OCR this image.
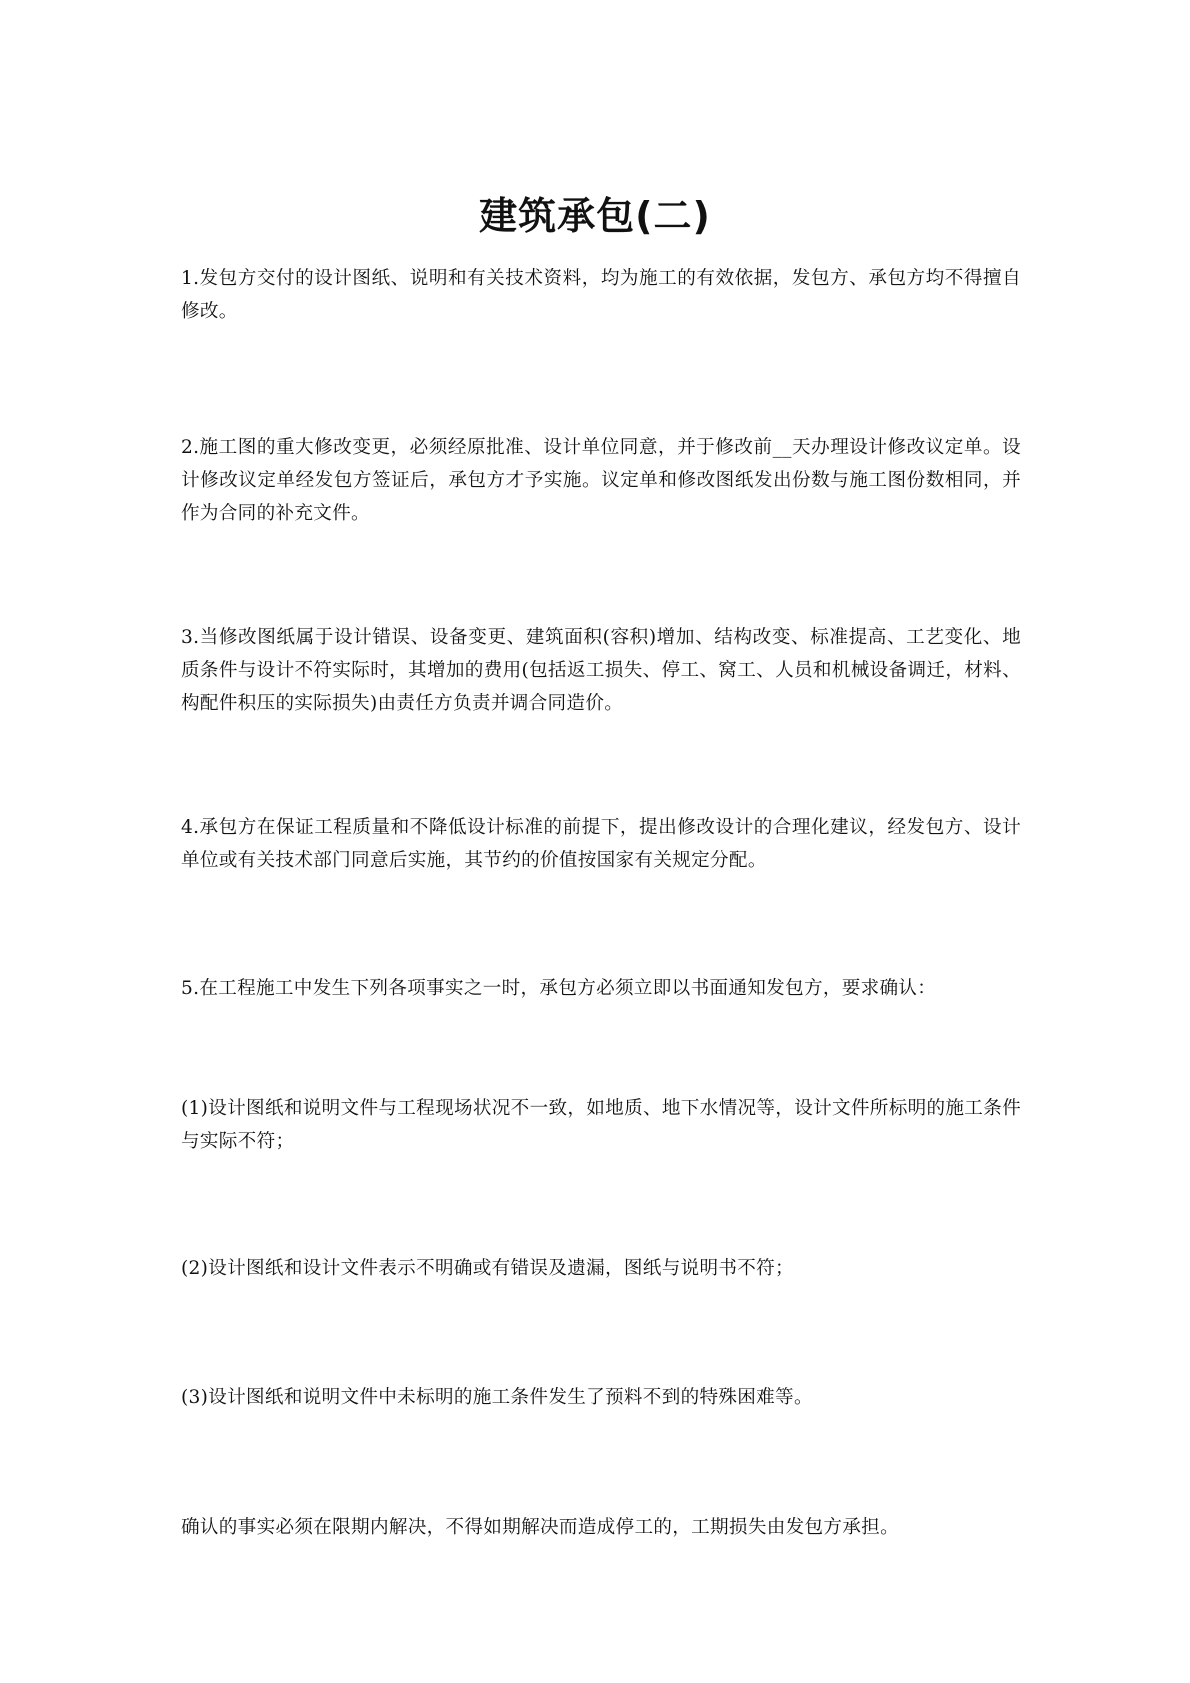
建筑承包(二)

1.发包方交付的设计图纸、说明和有关技术资料，均为施工的有效依据，发包方、承包方均不得擅自修改。

2.施工图的重大修改变更，必须经原批准、设计单位同意，并于修改前__天办理设计修改议定单。设计修改议定单经发包方签证后，承包方才予实施。议定单和修改图纸发出份数与施工图份数相同，并作为合同的补充文件。

3.当修改图纸属于设计错误、设备变更、建筑面积(容积)增加、结构改变、标准提高、工艺变化、地质条件与设计不符实际时，其增加的费用(包括返工损失、停工、窝工、人员和机械设备调迁，材料、构配件积压的实际损失)由责任方负责并调合同造价。

4.承包方在保证工程质量和不降低设计标准的前提下，提出修改设计的合理化建议，经发包方、设计单位或有关技术部门同意后实施，其节约的价值按国家有关规定分配。

5.在工程施工中发生下列各项事实之一时，承包方必须立即以书面通知发包方，要求确认：

(1)设计图纸和说明文件与工程现场状况不一致，如地质、地下水情况等，设计文件所标明的施工条件与实际不符；

(2)设计图纸和设计文件表示不明确或有错误及遗漏，图纸与说明书不符；

(3)设计图纸和说明文件中未标明的施工条件发生了预料不到的特殊困难等。

确认的事实必须在限期内解决，不得如期解决而造成停工的，工期损失由发包方承担。
